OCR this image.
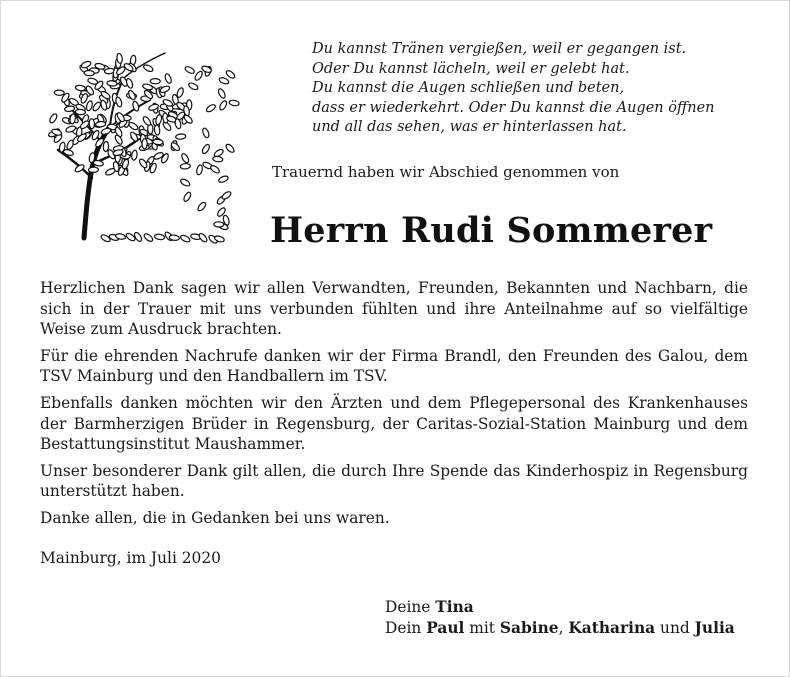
Du kannst Tränen vergießen, weil er gegangen ist.
Oder Du kannst lächeln, weil er gelebt hat.
Du kannst die Augen schließen und beten,
dass er wiederkehrt. Oder Du kannst die Augen öffnen
und all das sehen, was er hinterlassen hat.
Trauernd haben wir Abschied genommen von
Herrn Rudi Sommerer

Herzlichen Dank sagen wir allen Verwandten, Freunden, Bekannten und Nachbarn, die sich in der Trauer mit uns verbunden fühlten und ihre Anteilnahme auf so vielfältige Weise zum Ausdruck brachten.

Für die ehrenden Nachrufe danken wir der Firma Brandl, den Freunden des Galou, dem TSV Mainburg und den Handballern im TSV.

Ebenfalls danken möchten wir den Ärzten und dem Pflegepersonal des Krankenhauses der Barmherzigen Brüder in Regensburg, der Caritas-Sozial-Station Mainburg und dem Bestattungsinstitut Maushammer.

Unser besonderer Dank gilt allen, die durch Ihre Spende das Kinderhospiz in Regensburg unterstützt haben.

Danke allen, die in Gedanken bei uns waren.

Mainburg, im Juli 2020
Deine Tina
Dein Paul mit Sabine, Katharina und Julia
